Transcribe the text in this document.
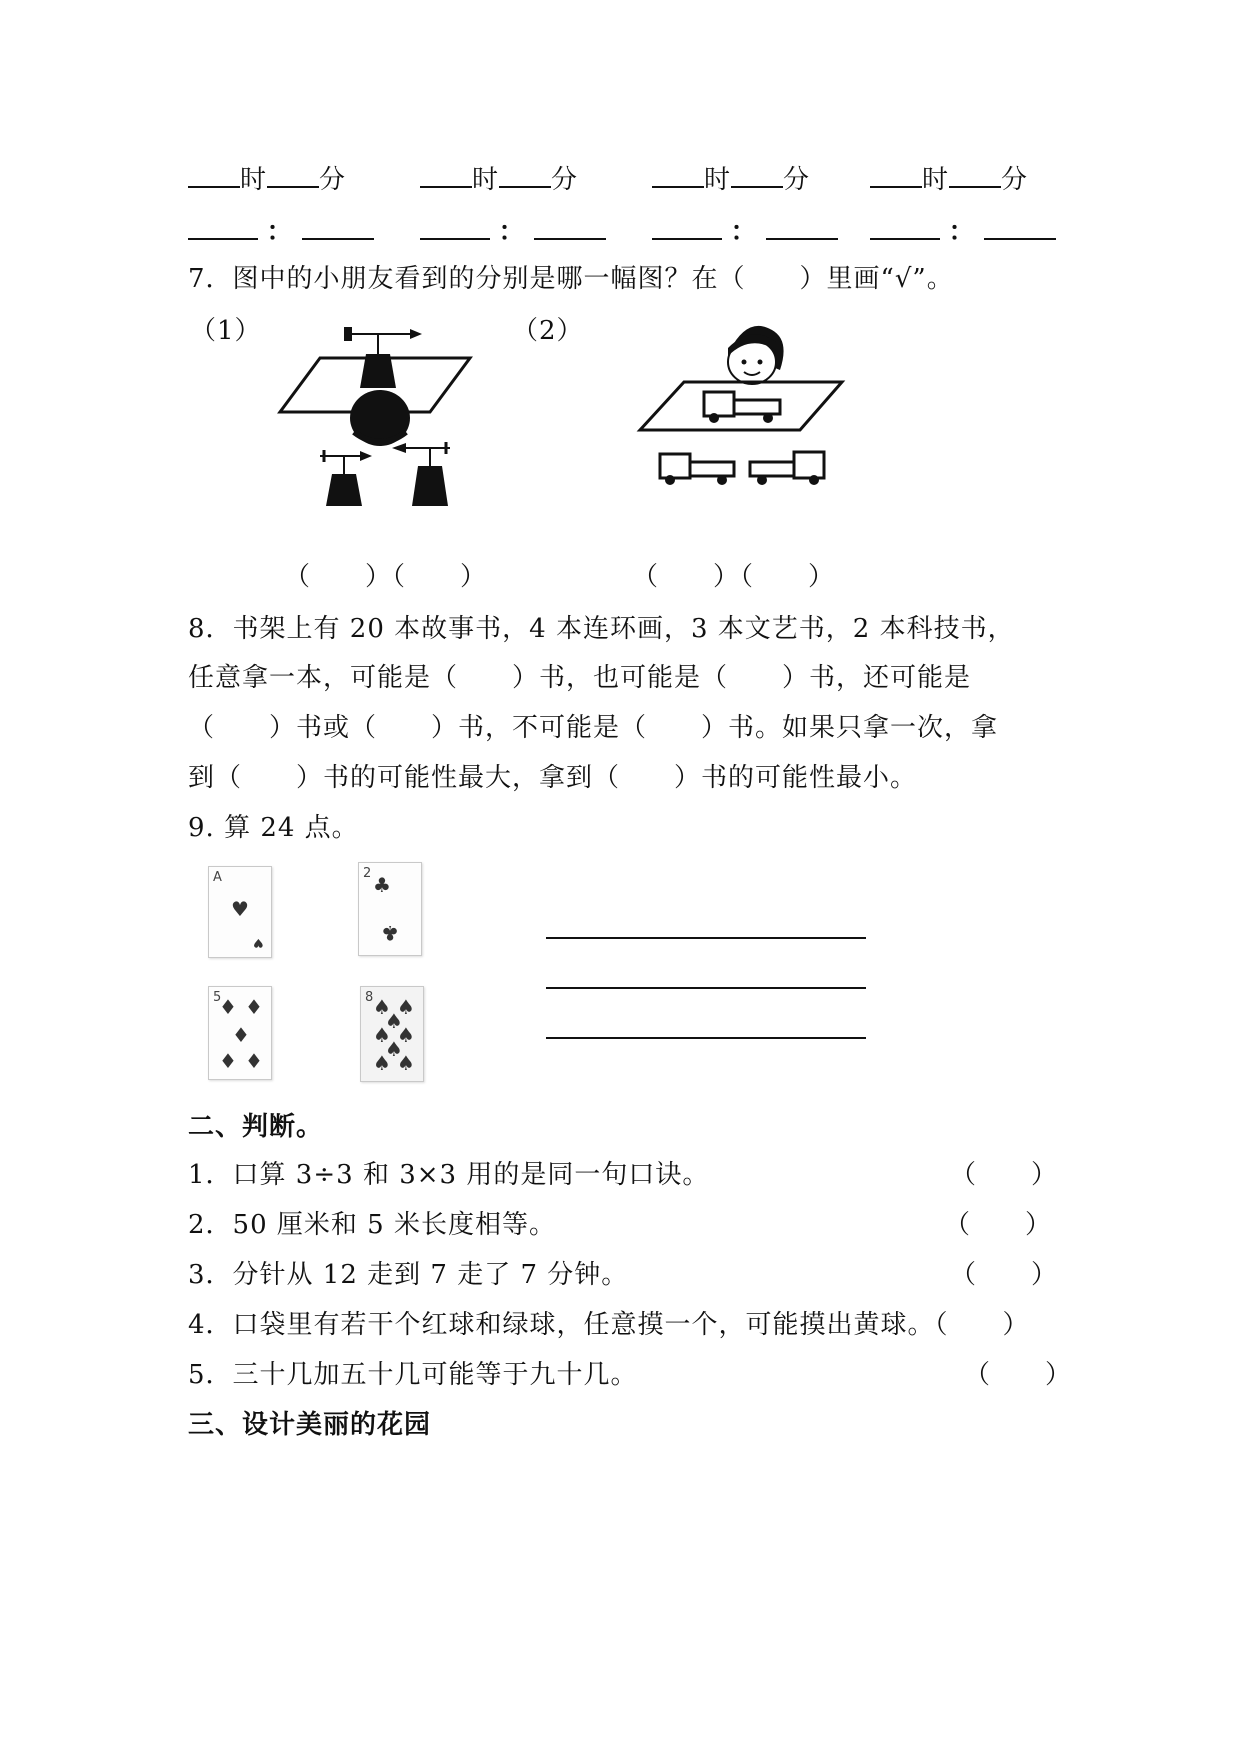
时 分	时 分	时 分	时 分
：	：	：	：
7．图中的小朋友看到的分别是哪一幅图？在（　　）里画“√”。
（1）	（2）
（　　）（　　）	（　　）（　　）
8．书架上有 20 本故事书，4 本连环画，3 本文艺书，2 本科技书，
任意拿一本，可能是（　　）书，也可能是（　　）书，还可能是
（　　）书或（　　）书，不可能是（　　）书。如果只拿一次，拿
到（　　）书的可能性最大，拿到（　　）书的可能性最小。
9. 算 24 点。
A
♥
♥
2 ♣
♣
5
♦ ♦
♦
♦ ♦
8 ♠ ♠
♠
♠ ♠
♠
♠ ♠
二、判断。
1．口算 3÷3 和 3×3 用的是同一句口诀。	（　　）
2．50 厘米和 5 米长度相等。	（　　）
3．分针从 12 走到 7 走了 7 分钟。	（　　）
4．口袋里有若干个红球和绿球，任意摸一个，可能摸出黄球。（　　）
5．三十几加五十几可能等于九十几。	（　　）
三、设计美丽的花园
